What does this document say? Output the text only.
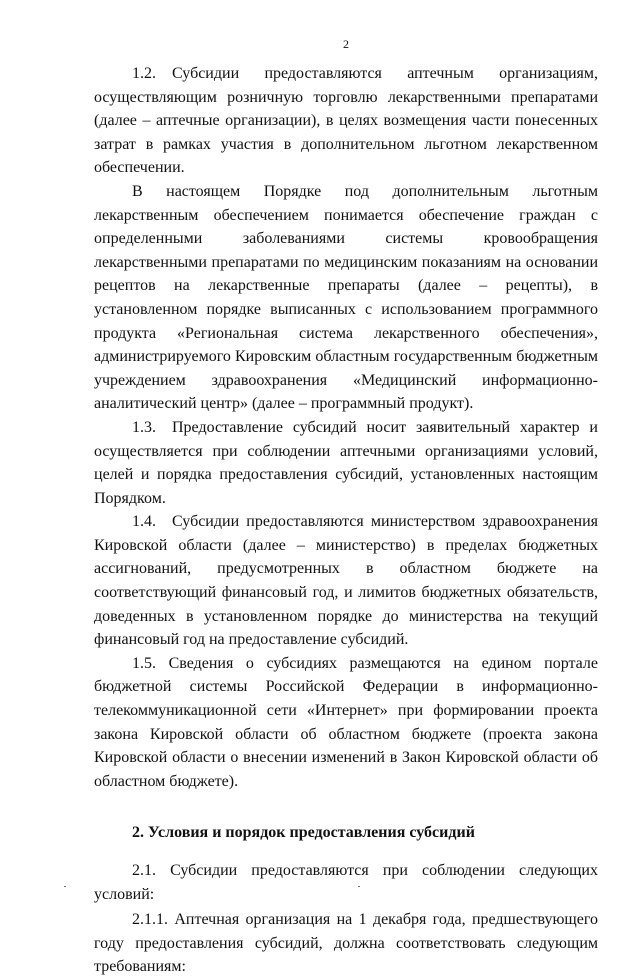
2

1.2. Субсидии предоставляются аптечным организациям, осуществляющим розничную торговлю лекарственными препаратами (далее – аптечные организации), в целях возмещения части понесенных затрат в рамках участия в дополнительном льготном лекарственном обеспечении.

В настоящем Порядке под дополнительным льготным лекарственным обеспечением понимается обеспечение граждан с определенными заболеваниями системы кровообращения лекарственными препаратами по медицинским показаниям на основании рецептов на лекарственные препараты (далее – рецепты), в установленном порядке выписанных с использованием программного продукта «Региональная система лекарственного обеспечения», администрируемого Кировским областным государственным бюджетным учреждением здравоохранения «Медицинский информационно-аналитический центр» (далее – программный продукт).

1.3. Предоставление субсидий носит заявительный характер и осуществляется при соблюдении аптечными организациями условий, целей и порядка предоставления субсидий, установленных настоящим Порядком.

1.4. Субсидии предоставляются министерством здравоохранения Кировской области (далее – министерство) в пределах бюджетных ассигнований, предусмотренных в областном бюджете на соответствующий финансовый год, и лимитов бюджетных обязательств, доведенных в установленном порядке до министерства на текущий финансовый год на предоставление субсидий.

1.5. Сведения о субсидиях размещаются на едином портале бюджетной системы Российской Федерации в информационно-телекоммуникационной сети «Интернет» при формировании проекта закона Кировской области об областном бюджете (проекта закона Кировской области о внесении изменений в Закон Кировской области об областном бюджете).

2. Условия и порядок предоставления субсидий

2.1. Субсидии предоставляются при соблюдении следующих условий:

2.1.1. Аптечная организация на 1 декабря года, предшествующего году предоставления субсидий, должна соответствовать следующим требованиям:
